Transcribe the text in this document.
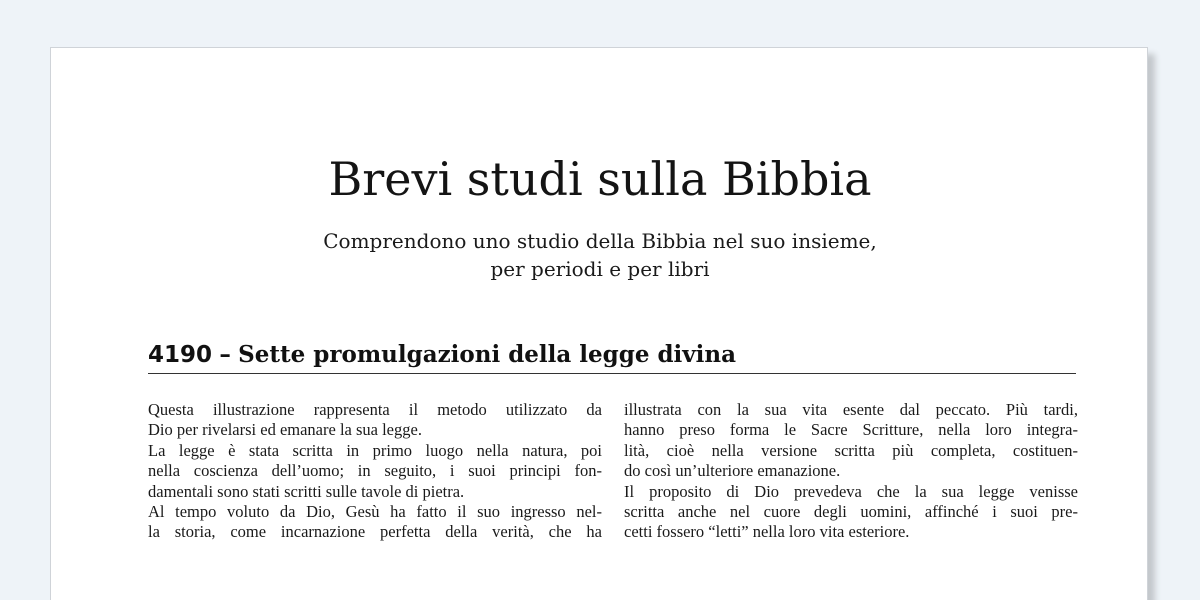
Brevi studi sulla Bibbia
Comprendono uno studio della Bibbia nel suo insieme,
per periodi e per libri
4190 – Sette promulgazioni della legge divina
Questa illustrazione rappresenta il metodo utilizzato da
Dio per rivelarsi ed emanare la sua legge.
La legge è stata scritta in primo luogo nella natura, poi
nella coscienza dell’uomo; in seguito, i suoi principi fon-
damentali sono stati scritti sulle tavole di pietra.
Al tempo voluto da Dio, Gesù ha fatto il suo ingresso nel-
la storia, come incarnazione perfetta della verità, che ha
illustrata con la sua vita esente dal peccato. Più tardi,
hanno preso forma le Sacre Scritture, nella loro integra-
lità, cioè nella versione scritta più completa, costituen-
do così un’ulteriore emanazione.
Il proposito di Dio prevedeva che la sua legge venisse
scritta anche nel cuore degli uomini, affinché i suoi pre-
cetti fossero “letti” nella loro vita esteriore.
